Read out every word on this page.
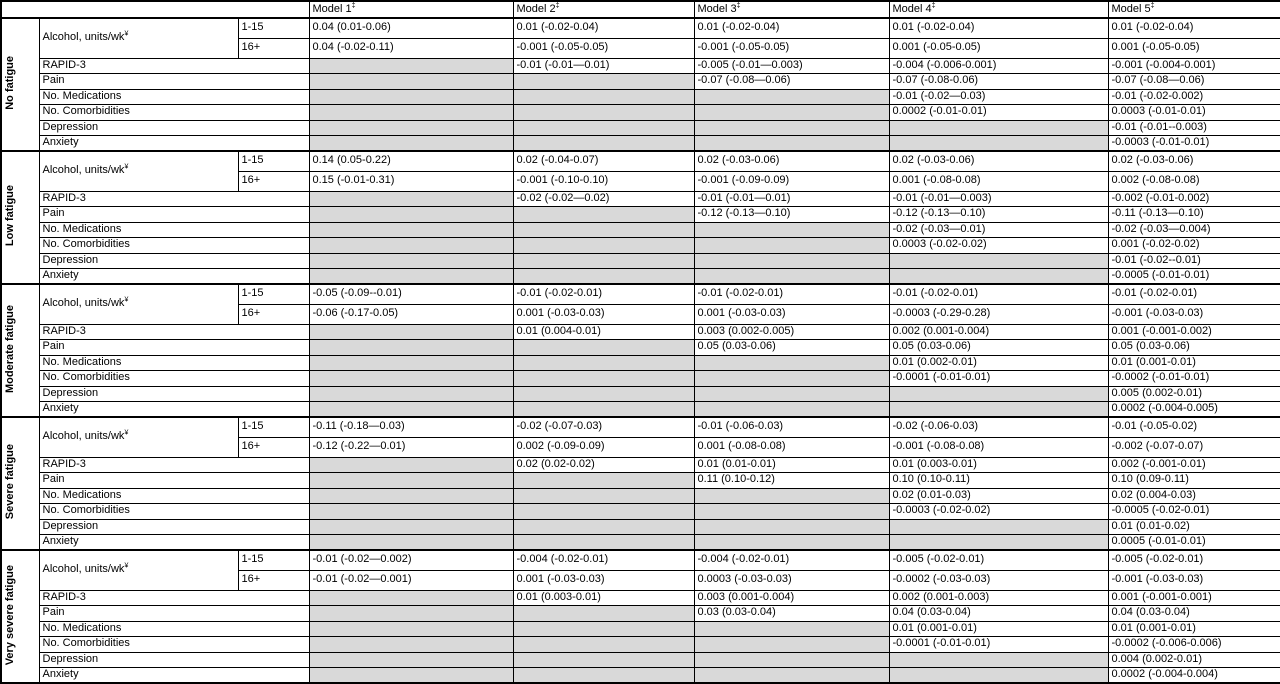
			Model 1‡	Model 2‡	Model 3‡	Model 4‡	Model 5‡
No fatigue	Alcohol, units/wk¥	1-15	0.04 (0.01-0.06)	0.01 (-0.02-0.04)	0.01 (-0.02-0.04)	0.01 (-0.02-0.04)	0.01 (-0.02-0.04)
		16+	0.04 (-0.02-0.11)	-0.001 (-0.05-0.05)	-0.001 (-0.05-0.05)	0.001 (-0.05-0.05)	0.001 (-0.05-0.05)
	RAPID-3			-0.01 (-0.01—0.01)	-0.005 (-0.01—0.003)	-0.004 (-0.006-0.001)	-0.001 (-0.004-0.001)
	Pain				-0.07 (-0.08—0.06)	-0.07 (-0.08-0.06)	-0.07 (-0.08—0.06)
	No. Medications					-0.01 (-0.02—0.03)	-0.01 (-0.02-0.002)
	No. Comorbidities					0.0002 (-0.01-0.01)	0.0003 (-0.01-0.01)
	Depression						-0.01 (-0.01--0.003)
	Anxiety						-0.0003 (-0.01-0.01)
Low fatigue	Alcohol, units/wk¥	1-15	0.14 (0.05-0.22)	0.02 (-0.04-0.07)	0.02 (-0.03-0.06)	0.02 (-0.03-0.06)	0.02 (-0.03-0.06)
		16+	0.15 (-0.01-0.31)	-0.001 (-0.10-0.10)	-0.001 (-0.09-0.09)	0.001 (-0.08-0.08)	0.002 (-0.08-0.08)
	RAPID-3			-0.02 (-0.02—0.02)	-0.01 (-0.01—0.01)	-0.01 (-0.01—0.003)	-0.002 (-0.01-0.002)
	Pain				-0.12 (-0.13—0.10)	-0.12 (-0.13—0.10)	-0.11 (-0.13—0.10)
	No. Medications					-0.02 (-0.03—0.01)	-0.02 (-0.03—0.004)
	No. Comorbidities					0.0003 (-0.02-0.02)	0.001 (-0.02-0.02)
	Depression						-0.01 (-0.02--0.01)
	Anxiety						-0.0005 (-0.01-0.01)
Moderate fatigue	Alcohol, units/wk¥	1-15	-0.05 (-0.09--0.01)	-0.01 (-0.02-0.01)	-0.01 (-0.02-0.01)	-0.01 (-0.02-0.01)	-0.01 (-0.02-0.01)
		16+	-0.06 (-0.17-0.05)	0.001 (-0.03-0.03)	0.001 (-0.03-0.03)	-0.0003 (-0.29-0.28)	-0.001 (-0.03-0.03)
	RAPID-3			0.01 (0.004-0.01)	0.003 (0.002-0.005)	0.002 (0.001-0.004)	0.001 (-0.001-0.002)
	Pain				0.05 (0.03-0.06)	0.05 (0.03-0.06)	0.05 (0.03-0.06)
	No. Medications					0.01 (0.002-0.01)	0.01 (0.001-0.01)
	No. Comorbidities					-0.0001 (-0.01-0.01)	-0.0002 (-0.01-0.01)
	Depression						0.005 (0.002-0.01)
	Anxiety						0.0002 (-0.004-0.005)
Severe fatigue	Alcohol, units/wk¥	1-15	-0.11 (-0.18—0.03)	-0.02 (-0.07-0.03)	-0.01 (-0.06-0.03)	-0.02 (-0.06-0.03)	-0.01 (-0.05-0.02)
		16+	-0.12 (-0.22—0.01)	0.002 (-0.09-0.09)	0.001 (-0.08-0.08)	-0.001 (-0.08-0.08)	-0.002 (-0.07-0.07)
	RAPID-3			0.02 (0.02-0.02)	0.01 (0.01-0.01)	0.01 (0.003-0.01)	0.002 (-0.001-0.01)
	Pain				0.11 (0.10-0.12)	0.10 (0.10-0.11)	0.10 (0.09-0.11)
	No. Medications					0.02 (0.01-0.03)	0.02 (0.004-0.03)
	No. Comorbidities					-0.0003 (-0.02-0.02)	-0.0005 (-0.02-0.01)
	Depression						0.01 (0.01-0.02)
	Anxiety						0.0005 (-0.01-0.01)
Very severe fatigue	Alcohol, units/wk¥	1-15	-0.01 (-0.02—0.002)	-0.004 (-0.02-0.01)	-0.004 (-0.02-0.01)	-0.005 (-0.02-0.01)	-0.005 (-0.02-0.01)
		16+	-0.01 (-0.02—0.001)	0.001 (-0.03-0.03)	0.0003 (-0.03-0.03)	-0.0002 (-0.03-0.03)	-0.001 (-0.03-0.03)
	RAPID-3			0.01 (0.003-0.01)	0.003 (0.001-0.004)	0.002 (0.001-0.003)	0.001 (-0.001-0.001)
	Pain				0.03 (0.03-0.04)	0.04 (0.03-0.04)	0.04 (0.03-0.04)
	No. Medications					0.01 (0.001-0.01)	0.01 (0.001-0.01)
	No. Comorbidities					-0.0001 (-0.01-0.01)	-0.0002 (-0.006-0.006)
	Depression						0.004 (0.002-0.01)
	Anxiety						0.0002 (-0.004-0.004)
